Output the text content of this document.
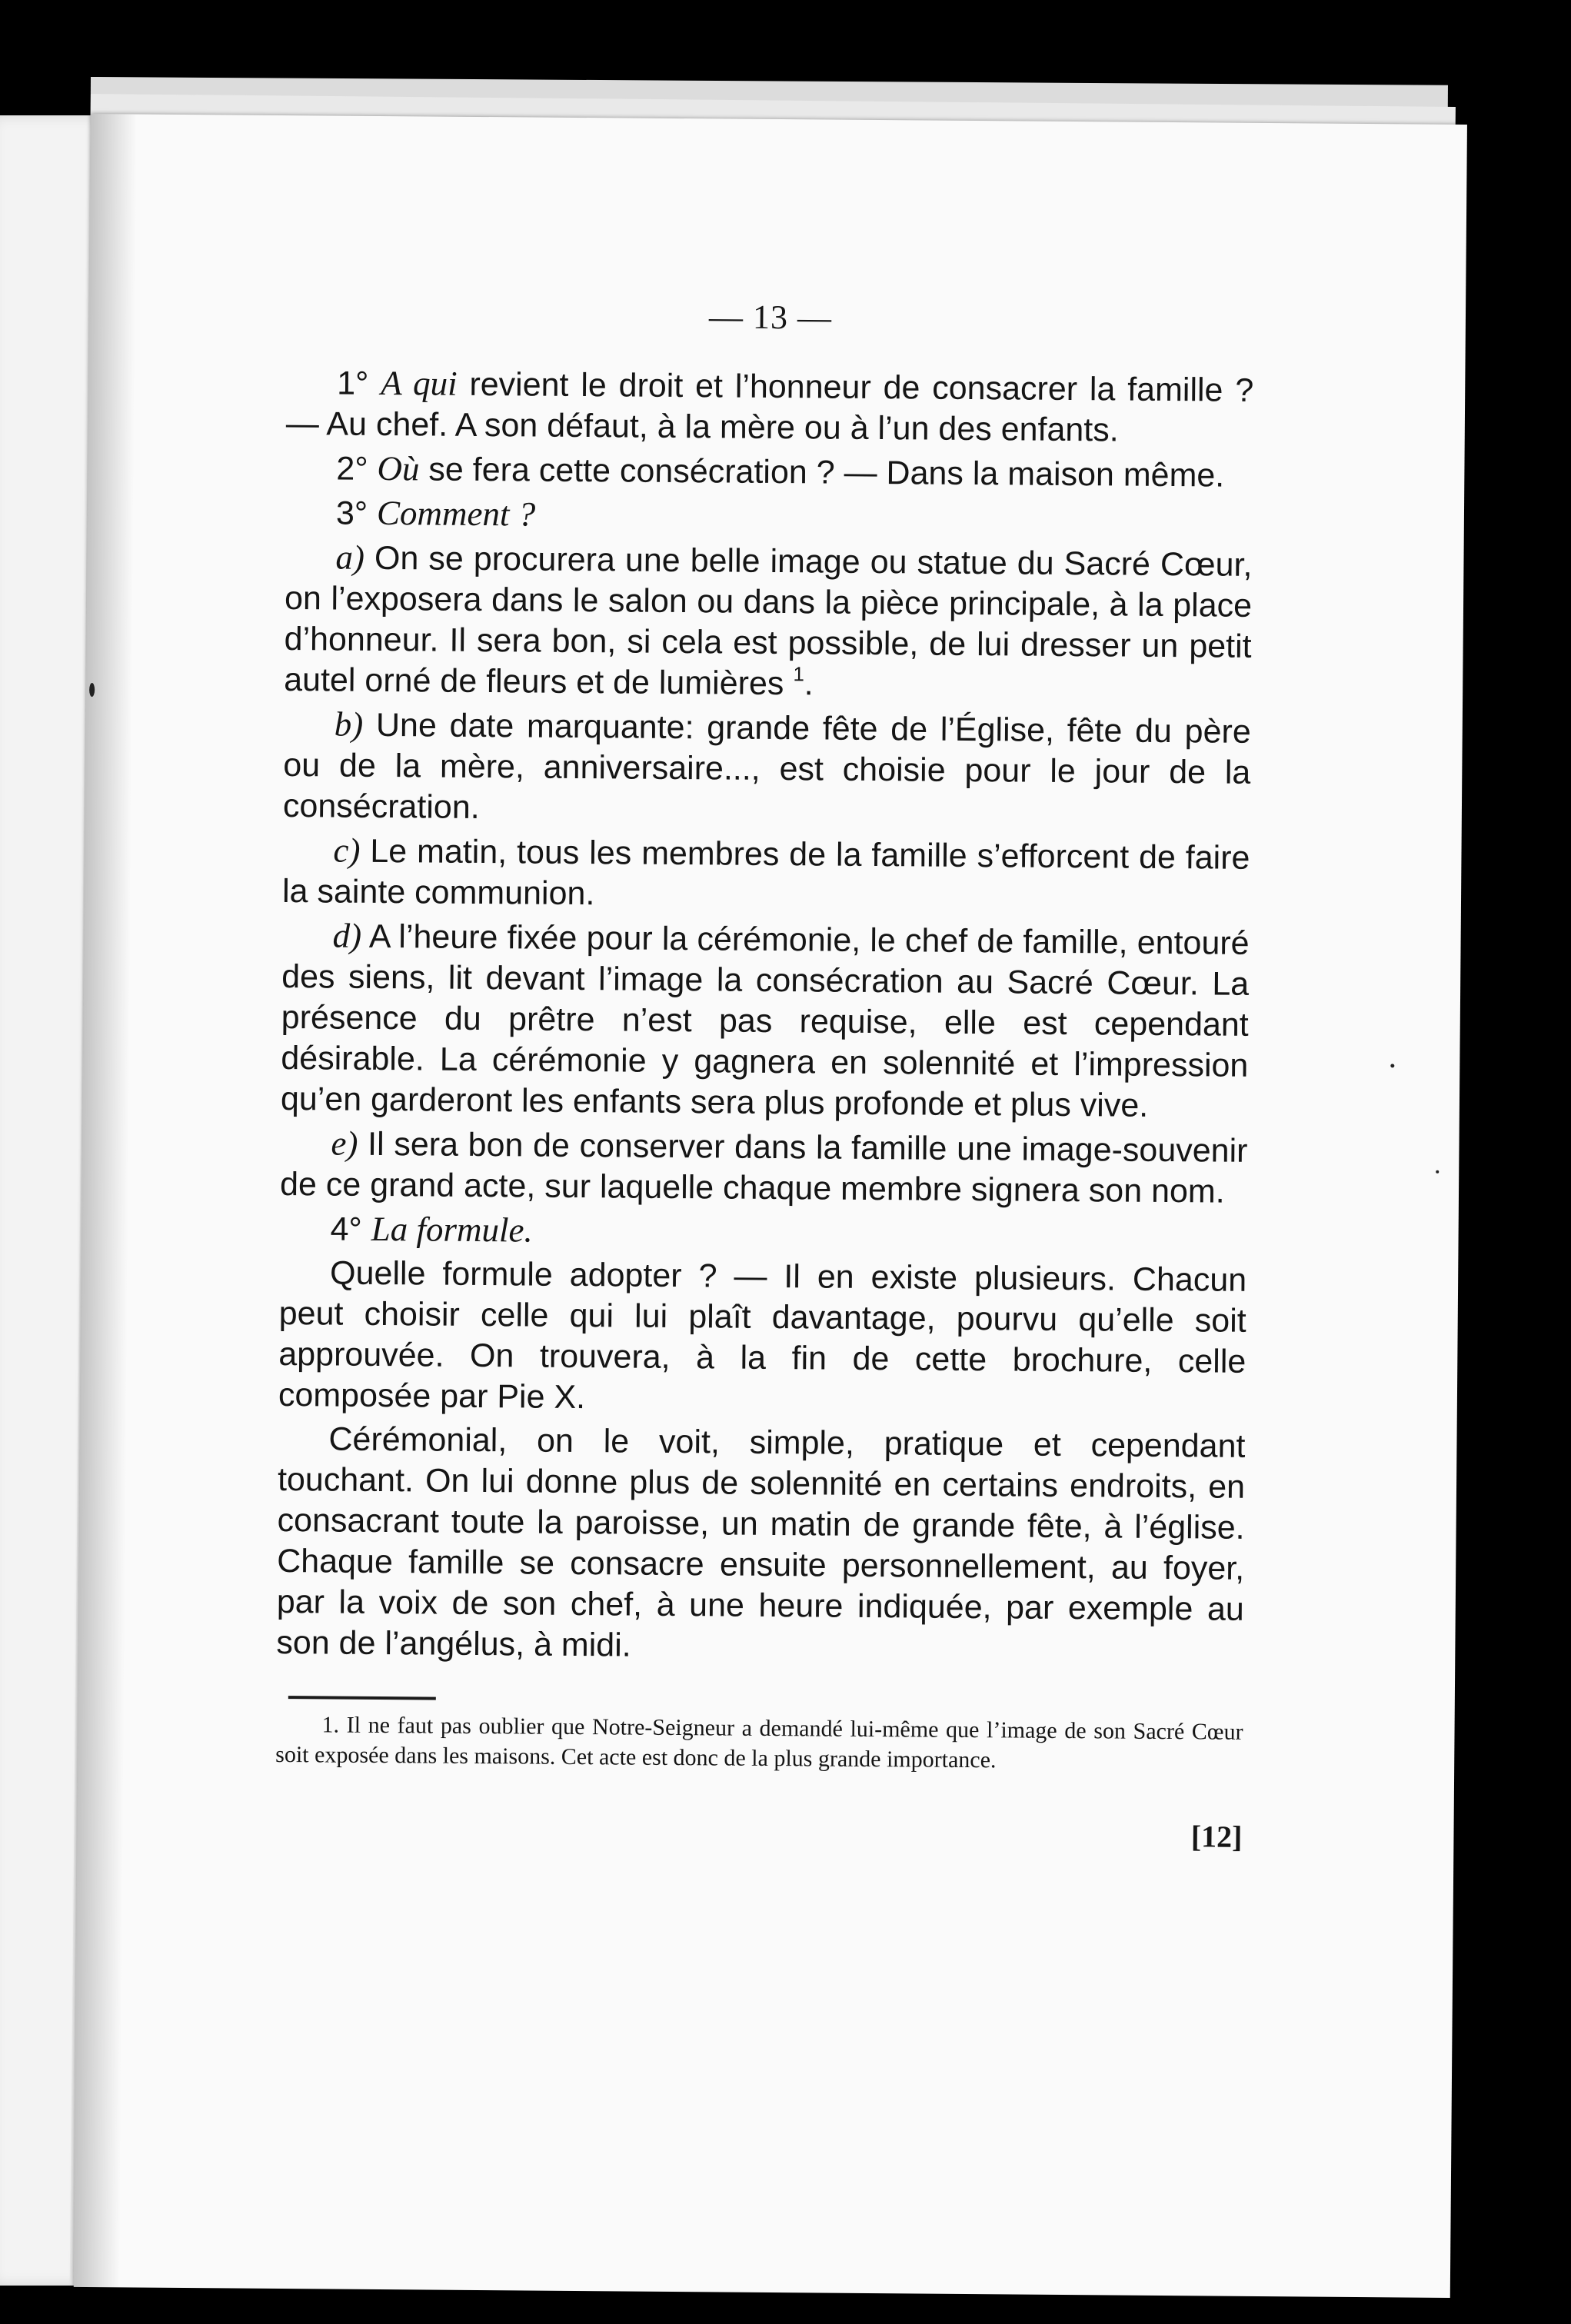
— 13 —

1° A qui revient le droit et l’honneur de consacrer la famille ? — Au chef. A son défaut, à la mère ou à l’un des enfants.

2° Où se fera cette consécration ? — Dans la maison même.

3° Comment ?

a) On se procurera une belle image ou statue du Sacré Cœur, on l’exposera dans le salon ou dans la pièce principale, à la place d’honneur. Il sera bon, si cela est possible, de lui dresser un petit autel orné de fleurs et de lumières $^1$.

b) Une date marquante: grande fête de l’Église, fête du père ou de la mère, anniversaire..., est choisie pour le jour de la consécration.

c) Le matin, tous les membres de la famille s’efforcent de faire la sainte communion.

d) A l’heure fixée pour la cérémonie, le chef de famille, entouré des siens, lit devant l’image la consécration au Sacré Cœur. La présence du prêtre n’est pas requise, elle est cependant désirable. La cérémonie y gagnera en solennité et l’impression qu’en garderont les enfants sera plus profonde et plus vive.

e) Il sera bon de conserver dans la famille une image-souvenir de ce grand acte, sur laquelle chaque membre signera son nom.

4° La formule.

Quelle formule adopter ? — Il en existe plusieurs. Chacun peut choisir celle qui lui plaît davantage, pourvu qu’elle soit approuvée. On trouvera, à la fin de cette brochure, celle composée par Pie X.

Cérémonial, on le voit, simple, pratique et cependant touchant. On lui donne plus de solennité en certains endroits, en consacrant toute la paroisse, un matin de grande fête, à l’église. Chaque famille se consacre ensuite personnellement, au foyer, par la voix de son chef, à une heure indiquée, par exemple au son de l’angélus, à midi.

1. Il ne faut pas oublier que Notre-Seigneur a demandé lui-même que l’image de son Sacré Cœur soit exposée dans les maisons. Cet acte est donc de la plus grande importance.

[12]
